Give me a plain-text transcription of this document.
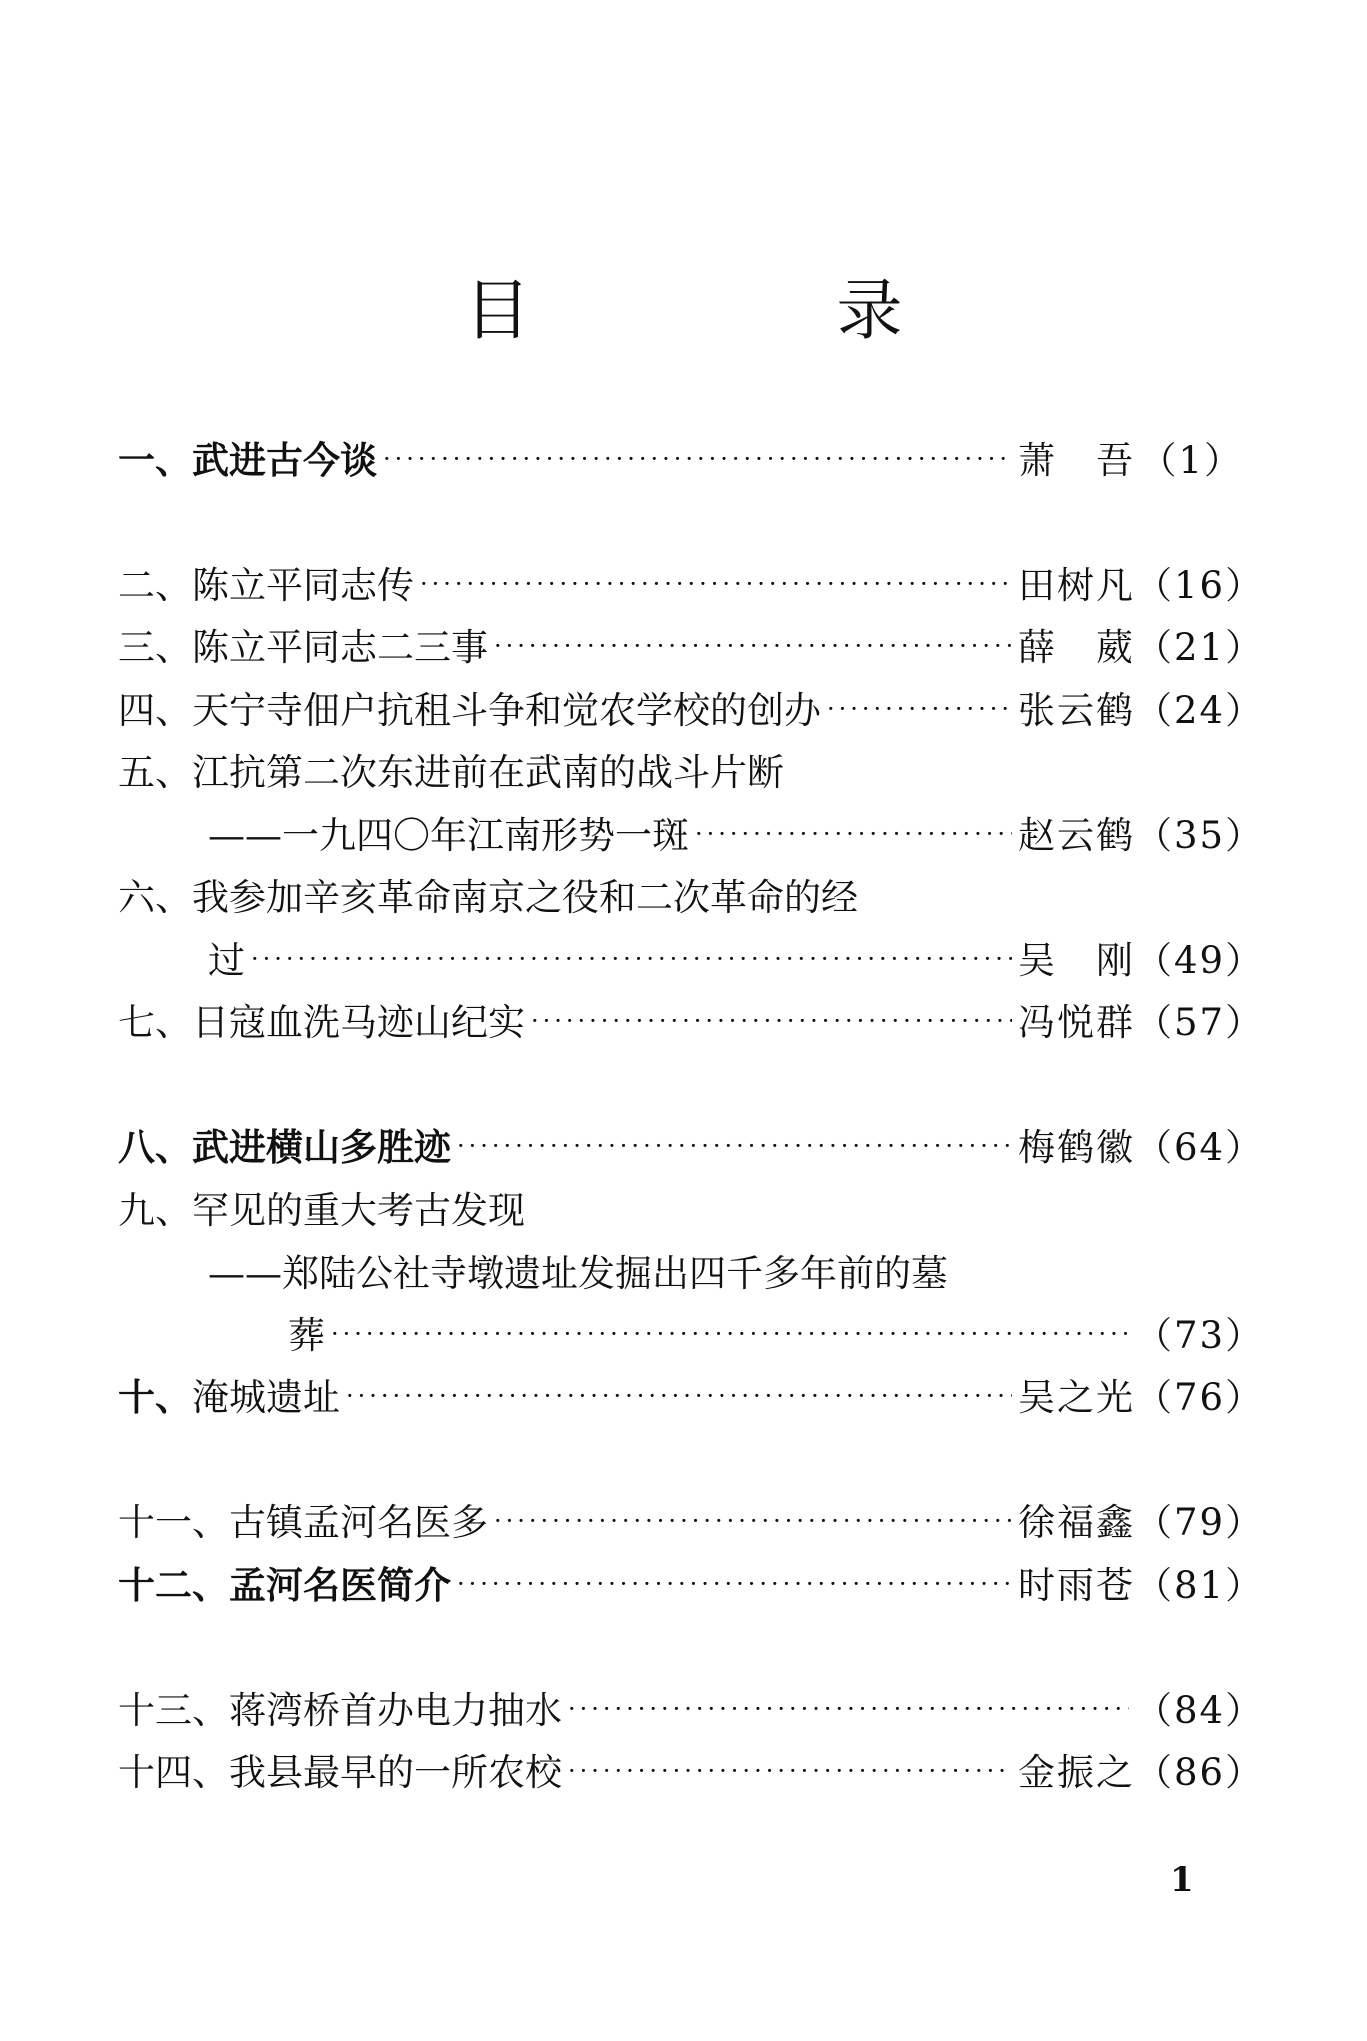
目　录
一、 武进古今谈 ·····	萧　吾	（ 1 ）
二、 陈立平同志传 ·····	田树凡	（ 16 ）
三、 陈立平同志二三事 ·····	薛　葳	（ 21 ）
四、 天宁寺佃户抗租斗争和觉农学校的创办 ·····	张云鹤	（ 24 ）
五、 江抗第二次东进前在武南的战斗片断
——一九四〇年江南形势一斑 ·····	赵云鹤	（ 35 ）
六、 我参加辛亥革命南京之役和二次革命的经
过 ·····	吴　刚	（ 49 ）
七、 日寇血洗马迹山纪实 ·····	冯悦群	（ 57 ）
八、 武进横山多胜迹 ·····	梅鹤徽	（ 64 ）
九、 罕见的重大考古发现
——郑陆公社寺墩遗址发掘出四千多年前的墓
葬 ·····	（ 73 ）
十、 淹城遗址 ·····	吴之光	（ 76 ）
十一、 古镇孟河名医多 ·····	徐福鑫	（ 79 ）
十二、 孟河名医简介 ·····	时雨苍	（ 81 ）
十三、 蒋湾桥首办电力抽水 ·····	（ 84 ）
十四、 我县最早的一所农校 ·····	金振之	（ 86 ）
1
